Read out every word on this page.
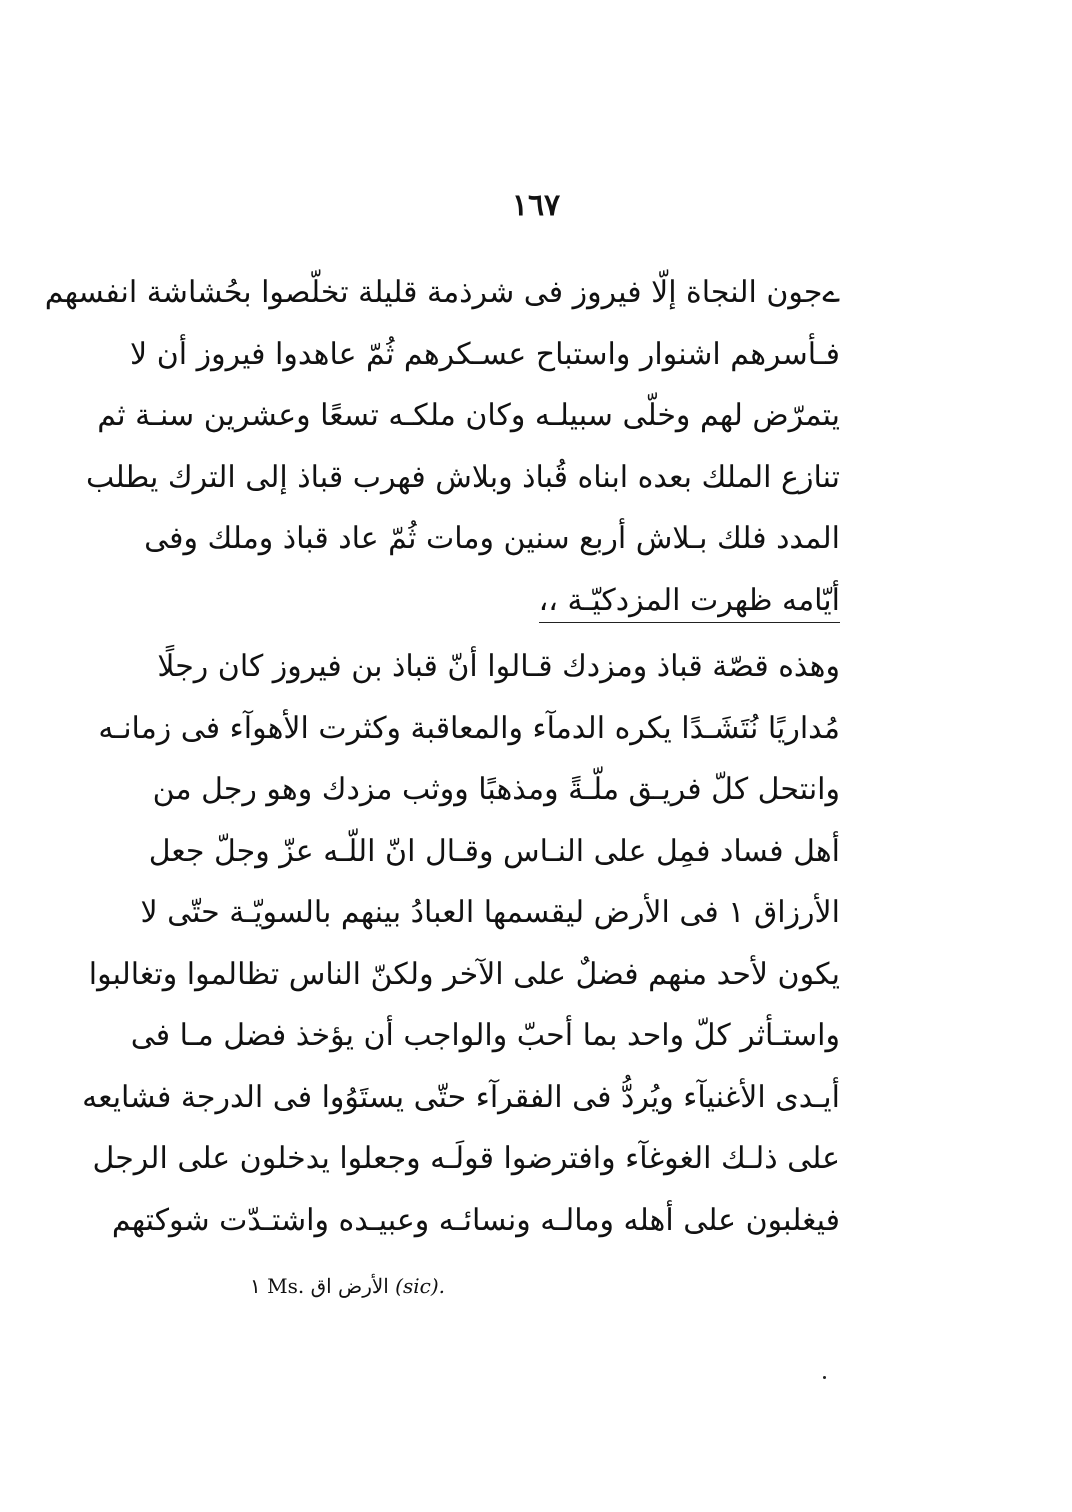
١٦٧
ےجون النجاة إلّا فيروز فى شرذمة قليلة تخلّصوا بحُشاشة انفسهم
فـأسرهم اشنوار واستباح عسـكرهم ثُمّ عاهدوا فيروز أن لا
يتمرّض لهم وخلّى سبيلـه وكان ملكـه تسعًا وعشرين سنـة ثم
تنازع الملك بعده ابناه قُباذ وبلاش فهرب قباذ إلى الترك يطلب
المدد فلك بـلاش أربع سنين ومات ثُمّ عاد قباذ وملك وفى
أيّامه ظهرت المزدكيّـة ،،
وهذه قصّة قباذ ومزدك قـالوا أنّ قباذ بن فيروز كان رجلًا
مُداريًا نُتَشَـدًا يكره الدمآء والمعاقبة وكثرت الأهوآء فى زمانـه
وانتحل كلّ فريـق ملّـةً ومذهبًا ووثب مزدك وهو رجل من
أهل فساد فمِل على النـاس وقـال انّ اللّـه عزّ وجلّ جعل
الأرزاق ١ فى الأرض ليقسمها العبادُ بينهم بالسويّـة حتّى لا
يكون لأحد منهم فضلٌ على الآخر ولكنّ الناس تظالموا وتغالبوا
واستـأثر كلّ واحد بما أحبّ والواجب أن يؤخذ فضل مـا فى
أيـدى الأغنيآء ويُردُّ فى الفقرآء حتّى يستَوُوا فى الدرجة فشايعه
على ذلـك الغوغآء وافترضوا قولَـه وجعلوا يدخلون على الرجل
فيغلبون على أهله ومالـه ونسائـه وعبيـده واشتـدّت شوكتهم
١ Ms. الأرض اق (sic).
